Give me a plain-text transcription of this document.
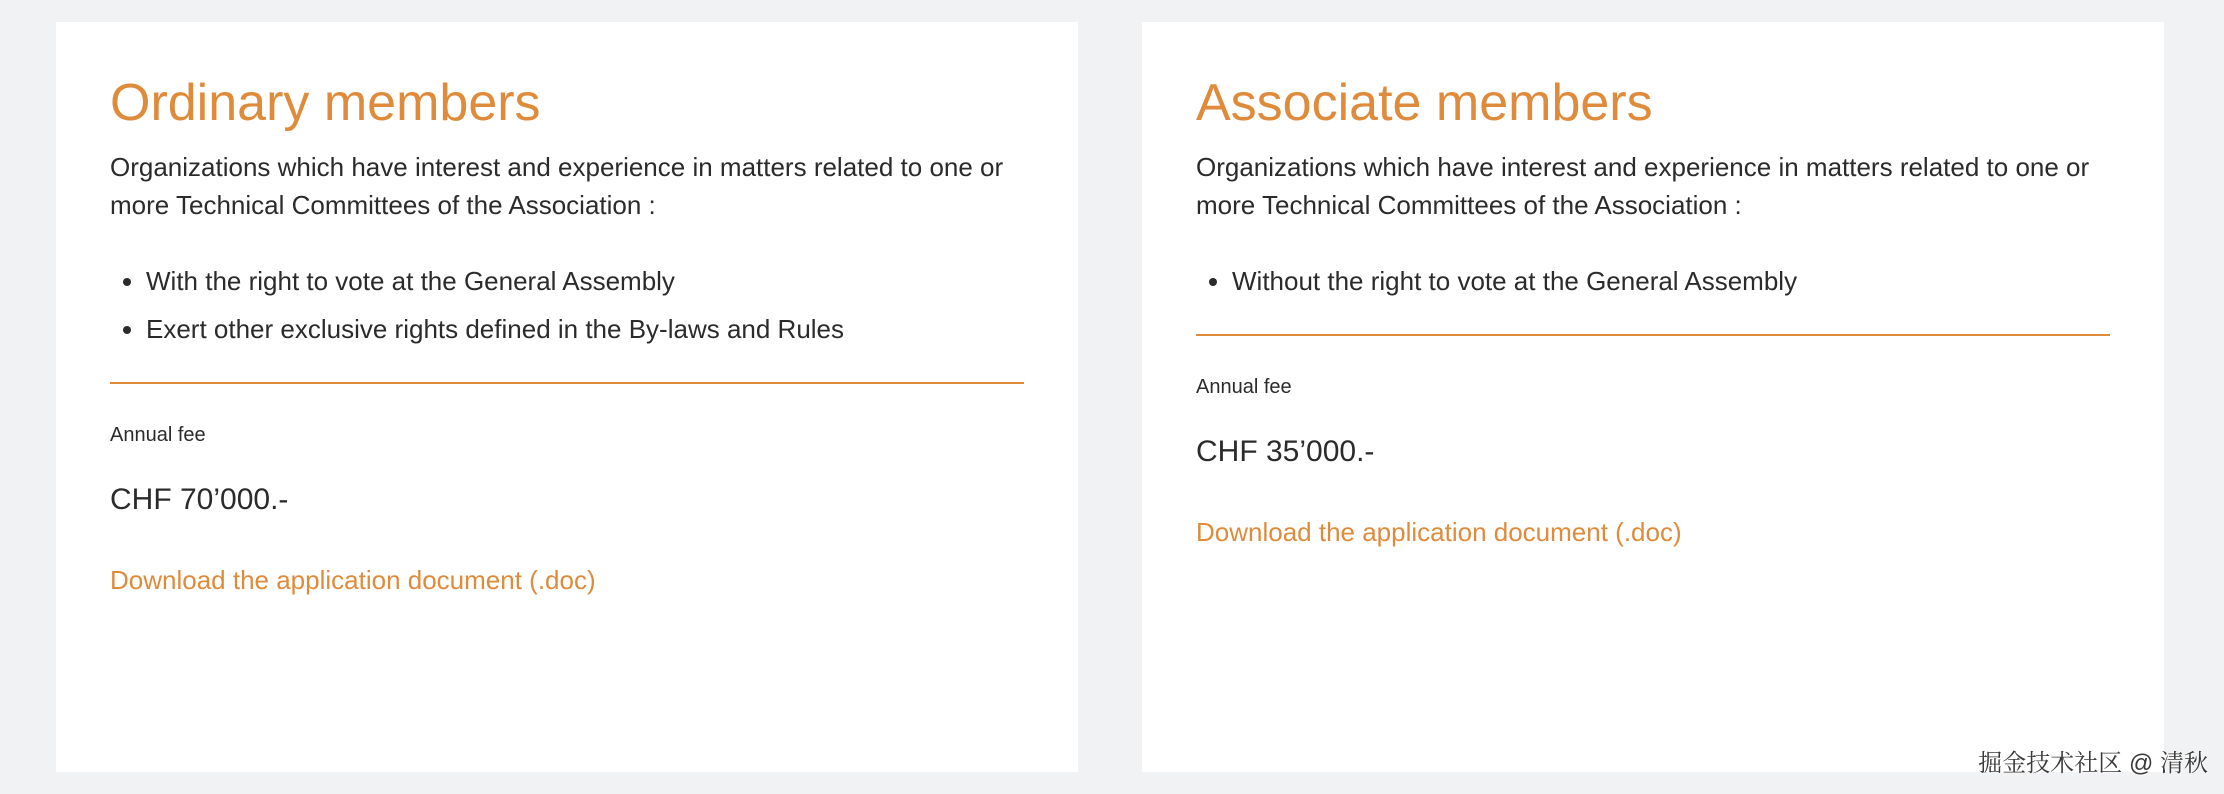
Ordinary members

Organizations which have interest and experience in matters related to one or more Technical Committees of the Association :

• With the right to vote at the General Assembly
• Exert other exclusive rights defined in the By-laws and Rules
Annual fee
CHF 70’000.-
Download the application document (.doc)
Associate members

Organizations which have interest and experience in matters related to one or more Technical Committees of the Association :

• Without the right to vote at the General Assembly
Annual fee
CHF 35’000.-
Download the application document (.doc)
掘金技术社区 @ 清秋
